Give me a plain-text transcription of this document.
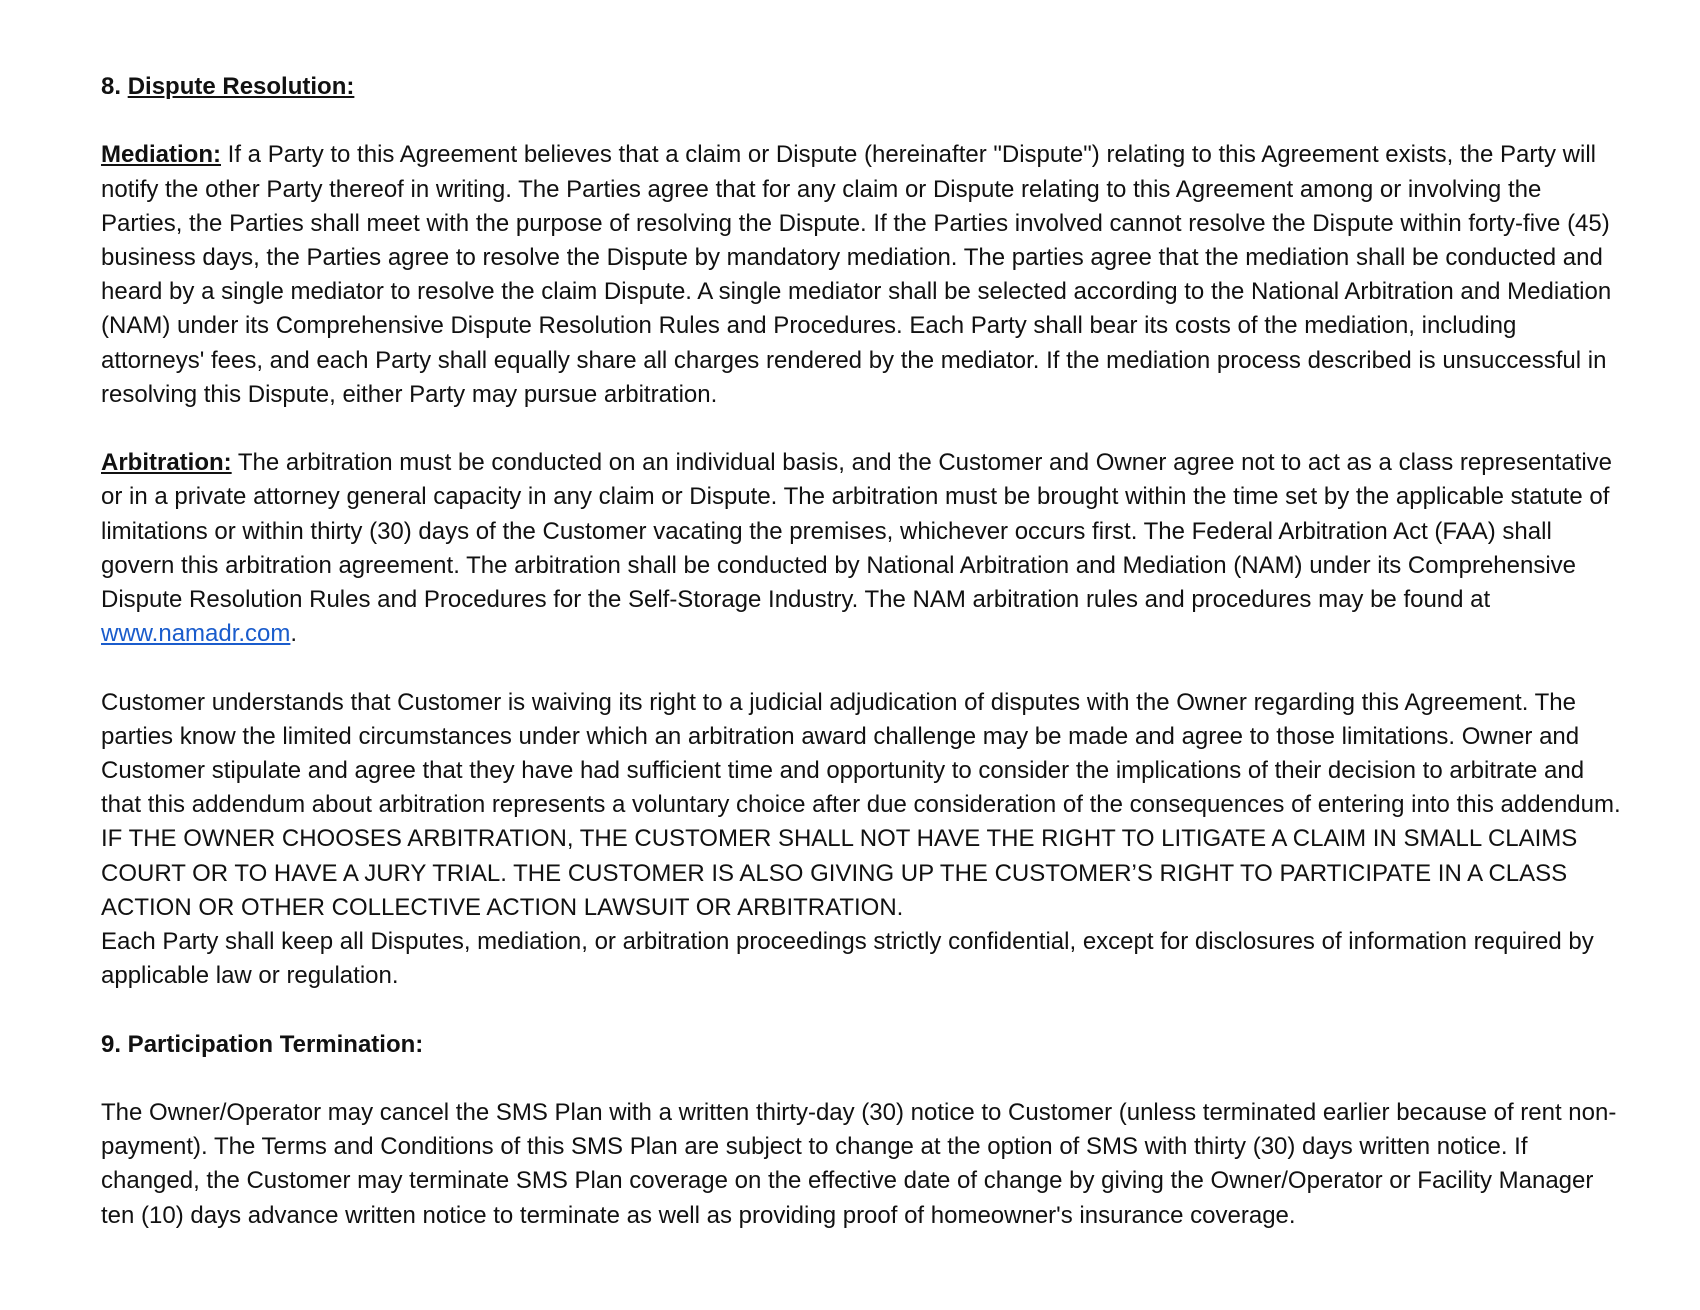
8. Dispute Resolution:

Mediation: If a Party to this Agreement believes that a claim or Dispute (hereinafter "Dispute") relating to this Agreement exists, the Party will notify the other Party thereof in writing. The Parties agree that for any claim or Dispute relating to this Agreement among or involving the Parties, the Parties shall meet with the purpose of resolving the Dispute. If the Parties involved cannot resolve the Dispute within forty-five (45) business days, the Parties agree to resolve the Dispute by mandatory mediation. The parties agree that the mediation shall be conducted and heard by a single mediator to resolve the claim Dispute. A single mediator shall be selected according to the National Arbitration and Mediation (NAM) under its Comprehensive Dispute Resolution Rules and Procedures. Each Party shall bear its costs of the mediation, including attorneys' fees, and each Party shall equally share all charges rendered by the mediator. If the mediation process described is unsuccessful in resolving this Dispute, either Party may pursue arbitration.

Arbitration: The arbitration must be conducted on an individual basis, and the Customer and Owner agree not to act as a class representative or in a private attorney general capacity in any claim or Dispute. The arbitration must be brought within the time set by the applicable statute of limitations or within thirty (30) days of the Customer vacating the premises, whichever occurs first. The Federal Arbitration Act (FAA) shall govern this arbitration agreement. The arbitration shall be conducted by National Arbitration and Mediation (NAM) under its Comprehensive Dispute Resolution Rules and Procedures for the Self-Storage Industry. The NAM arbitration rules and procedures may be found at www.namadr.com.

Customer understands that Customer is waiving its right to a judicial adjudication of disputes with the Owner regarding this Agreement. The parties know the limited circumstances under which an arbitration award challenge may be made and agree to those limitations. Owner and Customer stipulate and agree that they have had sufficient time and opportunity to consider the implications of their decision to arbitrate and that this addendum about arbitration represents a voluntary choice after due consideration of the consequences of entering into this addendum. IF THE OWNER CHOOSES ARBITRATION, THE CUSTOMER SHALL NOT HAVE THE RIGHT TO LITIGATE A CLAIM IN SMALL CLAIMS COURT OR TO HAVE A JURY TRIAL. THE CUSTOMER IS ALSO GIVING UP THE CUSTOMER’S RIGHT TO PARTICIPATE IN A CLASS ACTION OR OTHER COLLECTIVE ACTION LAWSUIT OR ARBITRATION.

Each Party shall keep all Disputes, mediation, or arbitration proceedings strictly confidential, except for disclosures of information required by applicable law or regulation.

9. Participation Termination:

The Owner/Operator may cancel the SMS Plan with a written thirty-day (30) notice to Customer (unless terminated earlier because of rent non-payment). The Terms and Conditions of this SMS Plan are subject to change at the option of SMS with thirty (30) days written notice. If changed, the Customer may terminate SMS Plan coverage on the effective date of change by giving the Owner/Operator or Facility Manager ten (10) days advance written notice to terminate as well as providing proof of homeowner's insurance coverage.
